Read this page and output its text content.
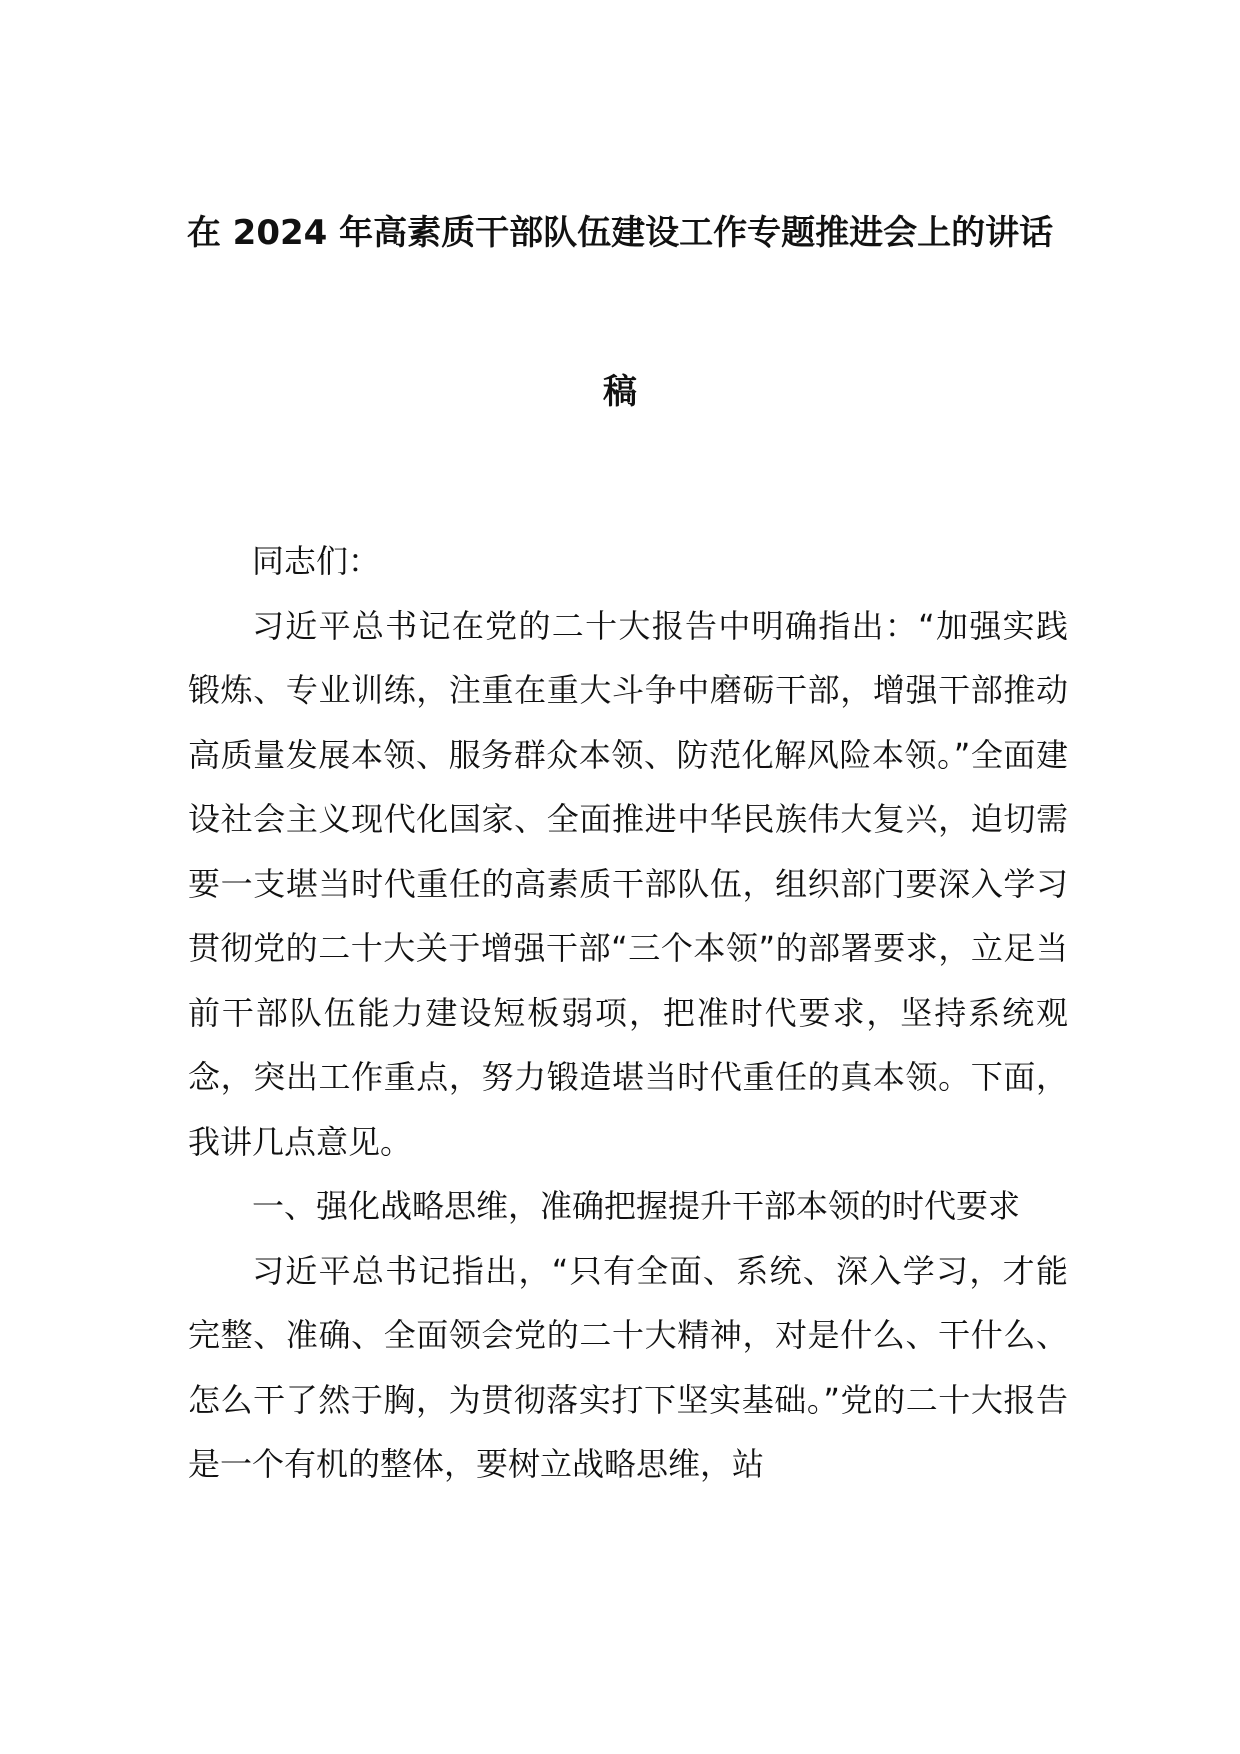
在 2024 年高素质干部队伍建设工作专题推进会上的讲话
稿

同志们：

习近平总书记在党的二十大报告中明确指出：“加强实践锻炼、专业训练，注重在重大斗争中磨砺干部，增强干部推动高质量发展本领、服务群众本领、防范化解风险本领。”全面建设社会主义现代化国家、全面推进中华民族伟大复兴，迫切需要一支堪当时代重任的高素质干部队伍，组织部门要深入学习贯彻党的二十大关于增强干部“三个本领”的部署要求，立足当前干部队伍能力建设短板弱项，把准时代要求，坚持系统观念，突出工作重点，努力锻造堪当时代重任的真本领。下面，我讲几点意见。

一、强化战略思维，准确把握提升干部本领的时代要求

习近平总书记指出，“只有全面、系统、深入学习，才能完整、准确、全面领会党的二十大精神，对是什么、干什么、怎么干了然于胸，为贯彻落实打下坚实基础。”党的二十大报告是一个有机的整体，要树立战略思维，站
